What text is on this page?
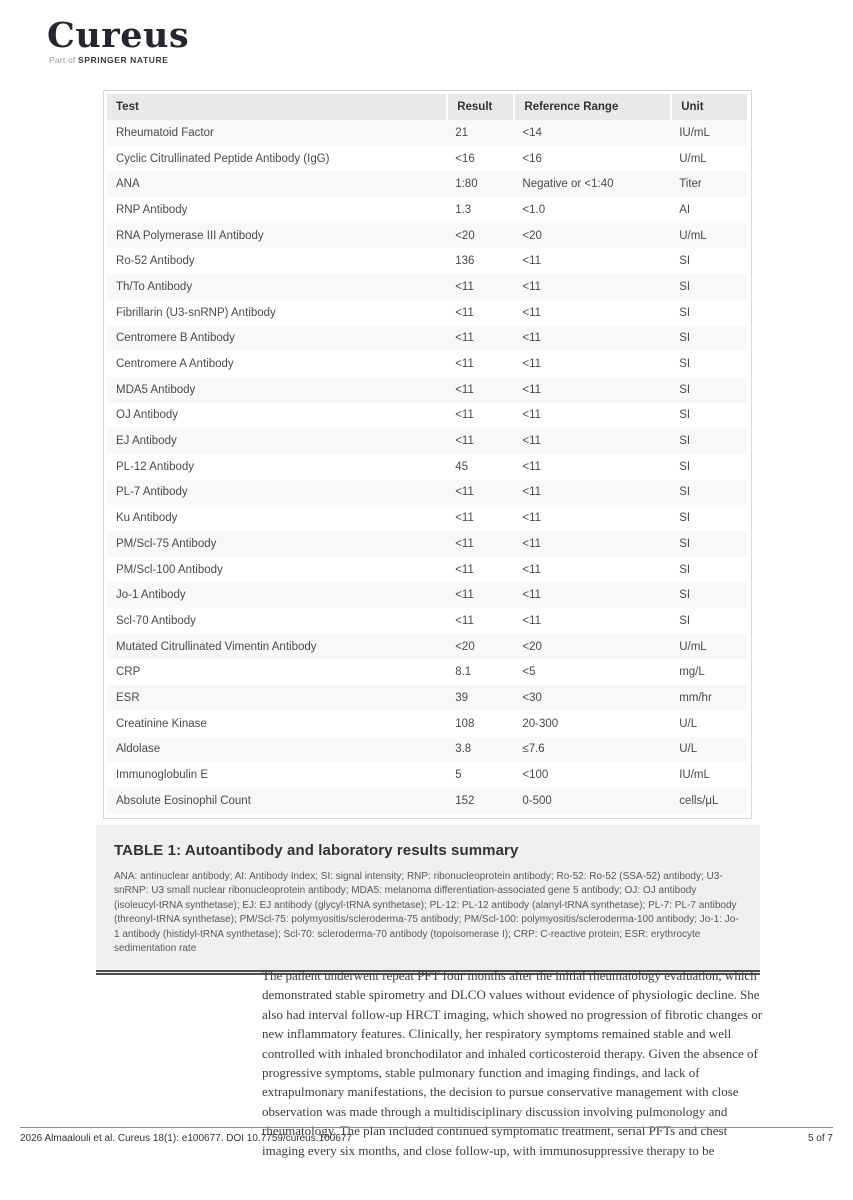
Cureus
Part of SPRINGER NATURE
Test	Result	Reference Range	Unit
Rheumatoid Factor	21	<14	IU/mL
Cyclic Citrullinated Peptide Antibody (IgG)	<16	<16	U/mL
ANA	1:80	Negative or <1:40	Titer
RNP Antibody	1.3	<1.0	AI
RNA Polymerase III Antibody	<20	<20	U/mL
Ro-52 Antibody	136	<11	SI
Th/To Antibody	<11	<11	SI
Fibrillarin (U3-snRNP) Antibody	<11	<11	SI
Centromere B Antibody	<11	<11	SI
Centromere A Antibody	<11	<11	SI
MDA5 Antibody	<11	<11	SI
OJ Antibody	<11	<11	SI
EJ Antibody	<11	<11	SI
PL-12 Antibody	45	<11	SI
PL-7 Antibody	<11	<11	SI
Ku Antibody	<11	<11	SI
PM/Scl-75 Antibody	<11	<11	SI
PM/Scl-100 Antibody	<11	<11	SI
Jo-1 Antibody	<11	<11	SI
Scl-70 Antibody	<11	<11	SI
Mutated Citrullinated Vimentin Antibody	<20	<20	U/mL
CRP	8.1	<5	mg/L
ESR	39	<30	mm/hr
Creatinine Kinase	108	20-300	U/L
Aldolase	3.8	≤7.6	U/L
Immunoglobulin E	5	<100	IU/mL
Absolute Eosinophil Count	152	0-500	cells/μL
TABLE 1: Autoantibody and laboratory results summary
ANA: antinuclear antibody; AI: Antibody Index; SI: signal intensity; RNP: ribonucleoprotein antibody; Ro-52: Ro-52 (SSA-52) antibody; U3-snRNP: U3 small nuclear ribonucleoprotein antibody; MDA5: melanoma differentiation-associated gene 5 antibody; OJ: OJ antibody (isoleucyl-tRNA synthetase); EJ: EJ antibody (glycyl-tRNA synthetase); PL-12: PL-12 antibody (alanyl-tRNA synthetase); PL-7: PL-7 antibody (threonyl-tRNA synthetase); PM/Scl-75: polymyositis/scleroderma-75 antibody; PM/Scl-100: polymyositis/scleroderma-100 antibody; Jo-1: Jo-1 antibody (histidyl-tRNA synthetase); Scl-70: scleroderma-70 antibody (topoisomerase I); CRP: C-reactive protein; ESR: erythrocyte sedimentation rate
The patient underwent repeat PFT four months after the initial rheumatology evaluation, which demonstrated stable spirometry and DLCO values without evidence of physiologic decline. She also had interval follow-up HRCT imaging, which showed no progression of fibrotic changes or new inflammatory features. Clinically, her respiratory symptoms remained stable and well controlled with inhaled bronchodilator and inhaled corticosteroid therapy. Given the absence of progressive symptoms, stable pulmonary function and imaging findings, and lack of extrapulmonary manifestations, the decision to pursue conservative management with close observation was made through a multidisciplinary discussion involving pulmonology and rheumatology. The plan included continued symptomatic treatment, serial PFTs and chest imaging every six months, and close follow-up, with immunosuppressive therapy to be
2026 Almaalouli et al. Cureus 18(1): e100677. DOI 10.7759/cureus.100677	5 of 7
